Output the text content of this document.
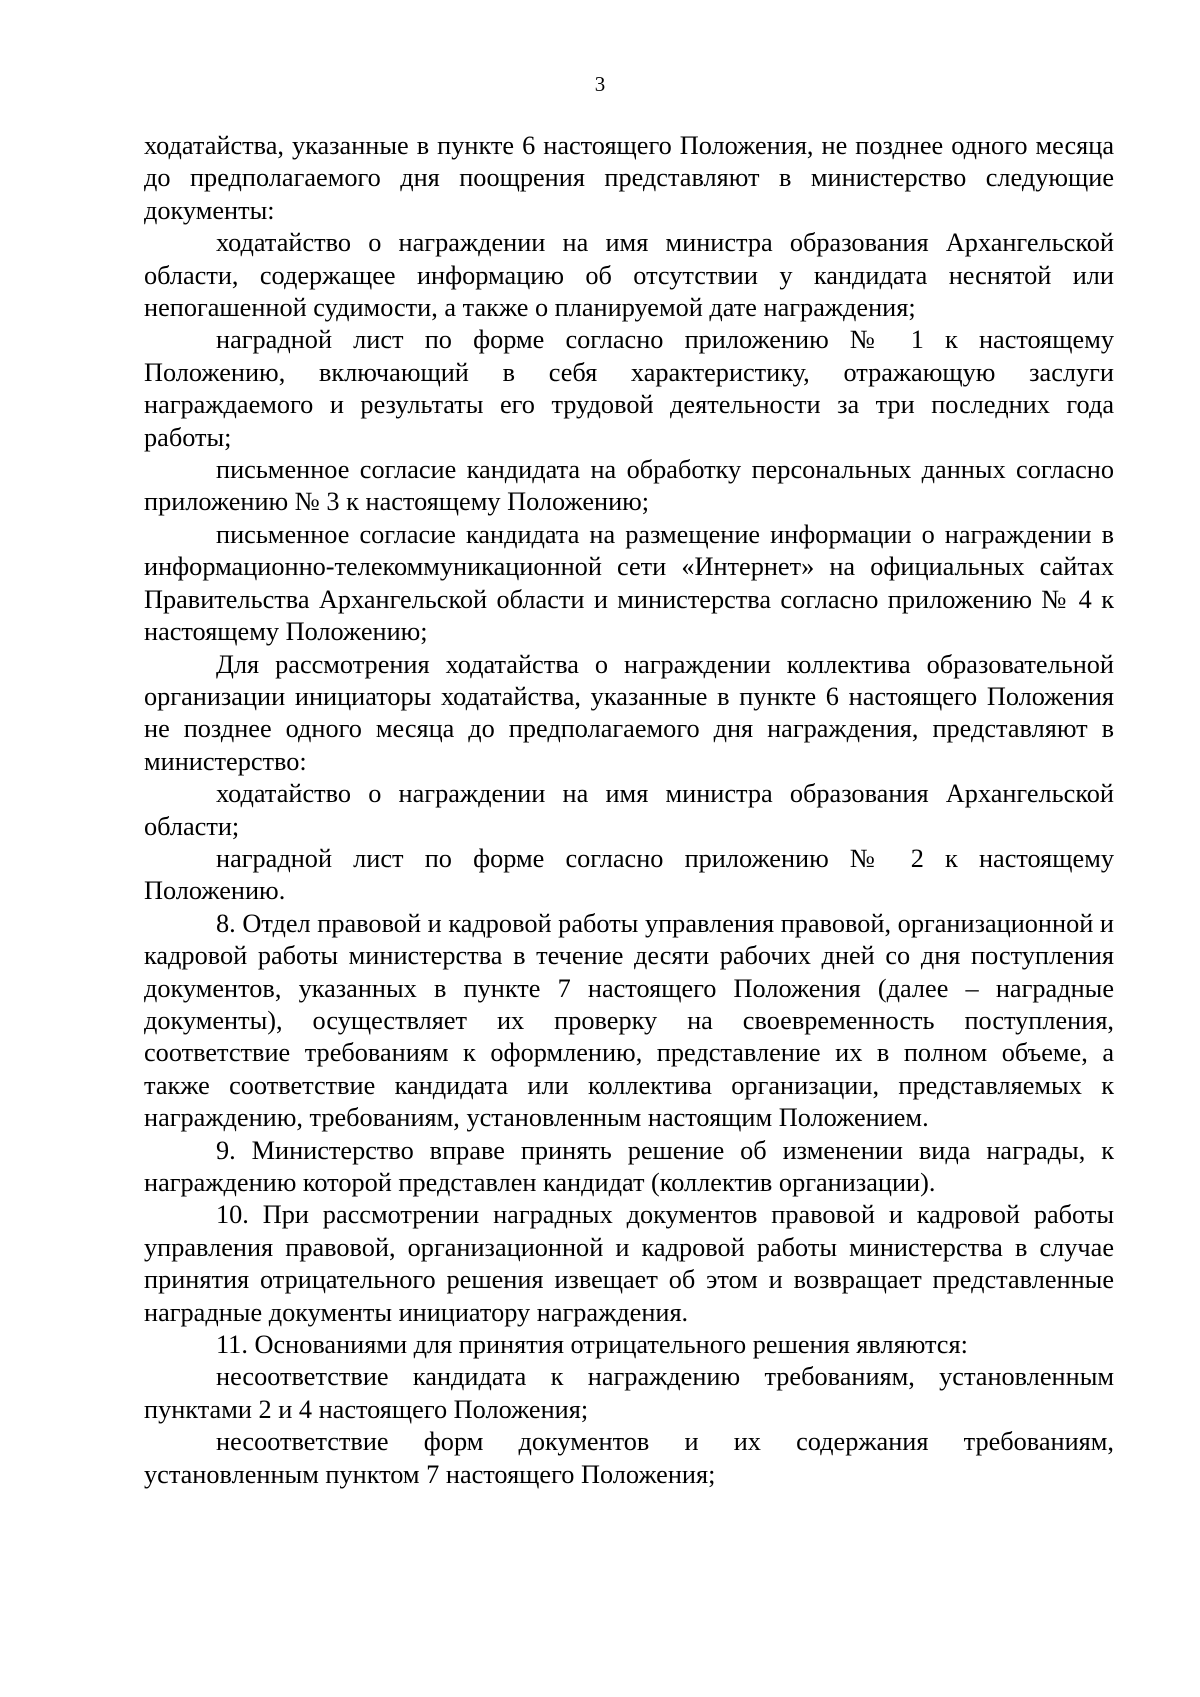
3

ходатайства, указанные в пункте 6 настоящего Положения, не позднее одного месяца до предполагаемого дня поощрения представляют в министерство следующие документы:

ходатайство о награждении на имя министра образования Архангельской области, содержащее информацию об отсутствии у кандидата неснятой или непогашенной судимости, а также о планируемой дате награждения;

наградной лист по форме согласно приложению № 1 к настоящему Положению, включающий в себя характеристику, отражающую заслуги награждаемого и результаты его трудовой деятельности за три последних года работы;

письменное согласие кандидата на обработку персональных данных согласно приложению № 3 к настоящему Положению;

письменное согласие кандидата на размещение информации о награждении в информационно-телекоммуникационной сети «Интернет» на официальных сайтах Правительства Архангельской области и министерства согласно приложению № 4 к настоящему Положению;

Для рассмотрения ходатайства о награждении коллектива образовательной организации инициаторы ходатайства, указанные в пункте 6 настоящего Положения не позднее одного месяца до предполагаемого дня награждения, представляют в министерство:

ходатайство о награждении на имя министра образования Архангельской области;

наградной лист по форме согласно приложению № 2 к настоящему Положению.

8. Отдел правовой и кадровой работы управления правовой, организационной и кадровой работы министерства в течение десяти рабочих дней со дня поступления документов, указанных в пункте 7 настоящего Положения (далее – наградные документы), осуществляет их проверку на своевременность поступления, соответствие требованиям к оформлению, представление их в полном объеме, а также соответствие кандидата или коллектива организации, представляемых к награждению, требованиям, установленным настоящим Положением.

9. Министерство вправе принять решение об изменении вида награды, к награждению которой представлен кандидат (коллектив организации).

10. При рассмотрении наградных документов правовой и кадровой работы управления правовой, организационной и кадровой работы министерства в случае принятия отрицательного решения извещает об этом и возвращает представленные наградные документы инициатору награждения.

11. Основаниями для принятия отрицательного решения являются:

несоответствие кандидата к награждению требованиям, установленным пунктами 2 и 4 настоящего Положения;

несоответствие форм документов и их содержания требованиям, установленным пунктом 7 настоящего Положения;
